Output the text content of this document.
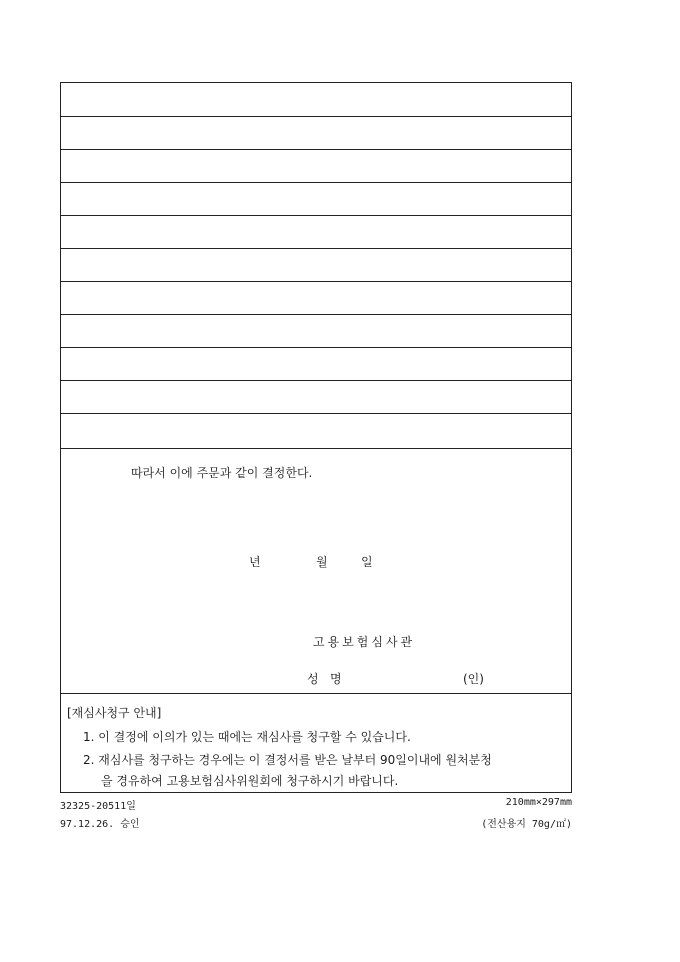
따라서 이에 주문과 같이 결정한다.
년	월	일
고용보험심사관
성   명	(인)
[재심사청구 안내]
1. 이 결정에 이의가 있는 때에는 재심사를 청구할 수 있습니다.
2. 재심사를 청구하는 경우에는 이 결정서를 받은 날부터 90일이내에 원처분청
을 경유하여 고용보험심사위원회에 청구하시기 바랍니다.
32325-20511일
97.12.26. 승인
210mm×297mm
(전산용지 70g/㎡)
